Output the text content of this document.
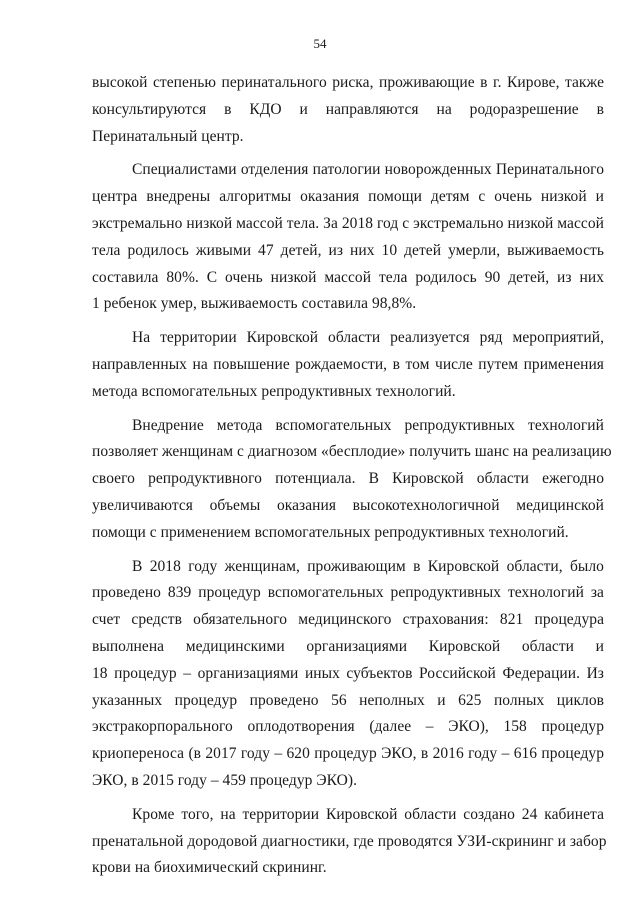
54
высокой степенью перинатального риска, проживающие в г. Кирове, также
консультируются в КДО и направляются на родоразрешение в
Перинатальный центр.
Специалистами отделения патологии новорожденных Перинатального
центра внедрены алгоритмы оказания помощи детям с очень низкой и
экстремально низкой массой тела. За 2018 год с экстремально низкой массой
тела родилось живыми 47 детей, из них 10 детей умерли, выживаемость
составила 80%. С очень низкой массой тела родилось 90 детей, из них
1 ребенок умер, выживаемость составила 98,8%.
На территории Кировской области реализуется ряд мероприятий,
направленных на повышение рождаемости, в том числе путем применения
метода вспомогательных репродуктивных технологий.
Внедрение метода вспомогательных репродуктивных технологий
позволяет женщинам с диагнозом «бесплодие» получить шанс на реализацию
своего репродуктивного потенциала. В Кировской области ежегодно
увеличиваются объемы оказания высокотехнологичной медицинской
помощи с применением вспомогательных репродуктивных технологий.
В 2018 году женщинам, проживающим в Кировской области, было
проведено 839 процедур вспомогательных репродуктивных технологий за
счет средств обязательного медицинского страхования: 821 процедура
выполнена медицинскими организациями Кировской области и
18 процедур – организациями иных субъектов Российской Федерации. Из
указанных процедур проведено 56 неполных и 625 полных циклов
экстракорпорального оплодотворения (далее – ЭКО), 158 процедур
криопереноса (в 2017 году – 620 процедур ЭКО, в 2016 году – 616 процедур
ЭКО, в 2015 году – 459 процедур ЭКО).
Кроме того, на территории Кировской области создано 24 кабинета
пренатальной дородовой диагностики, где проводятся УЗИ-скрининг и забор
крови на биохимический скрининг.
